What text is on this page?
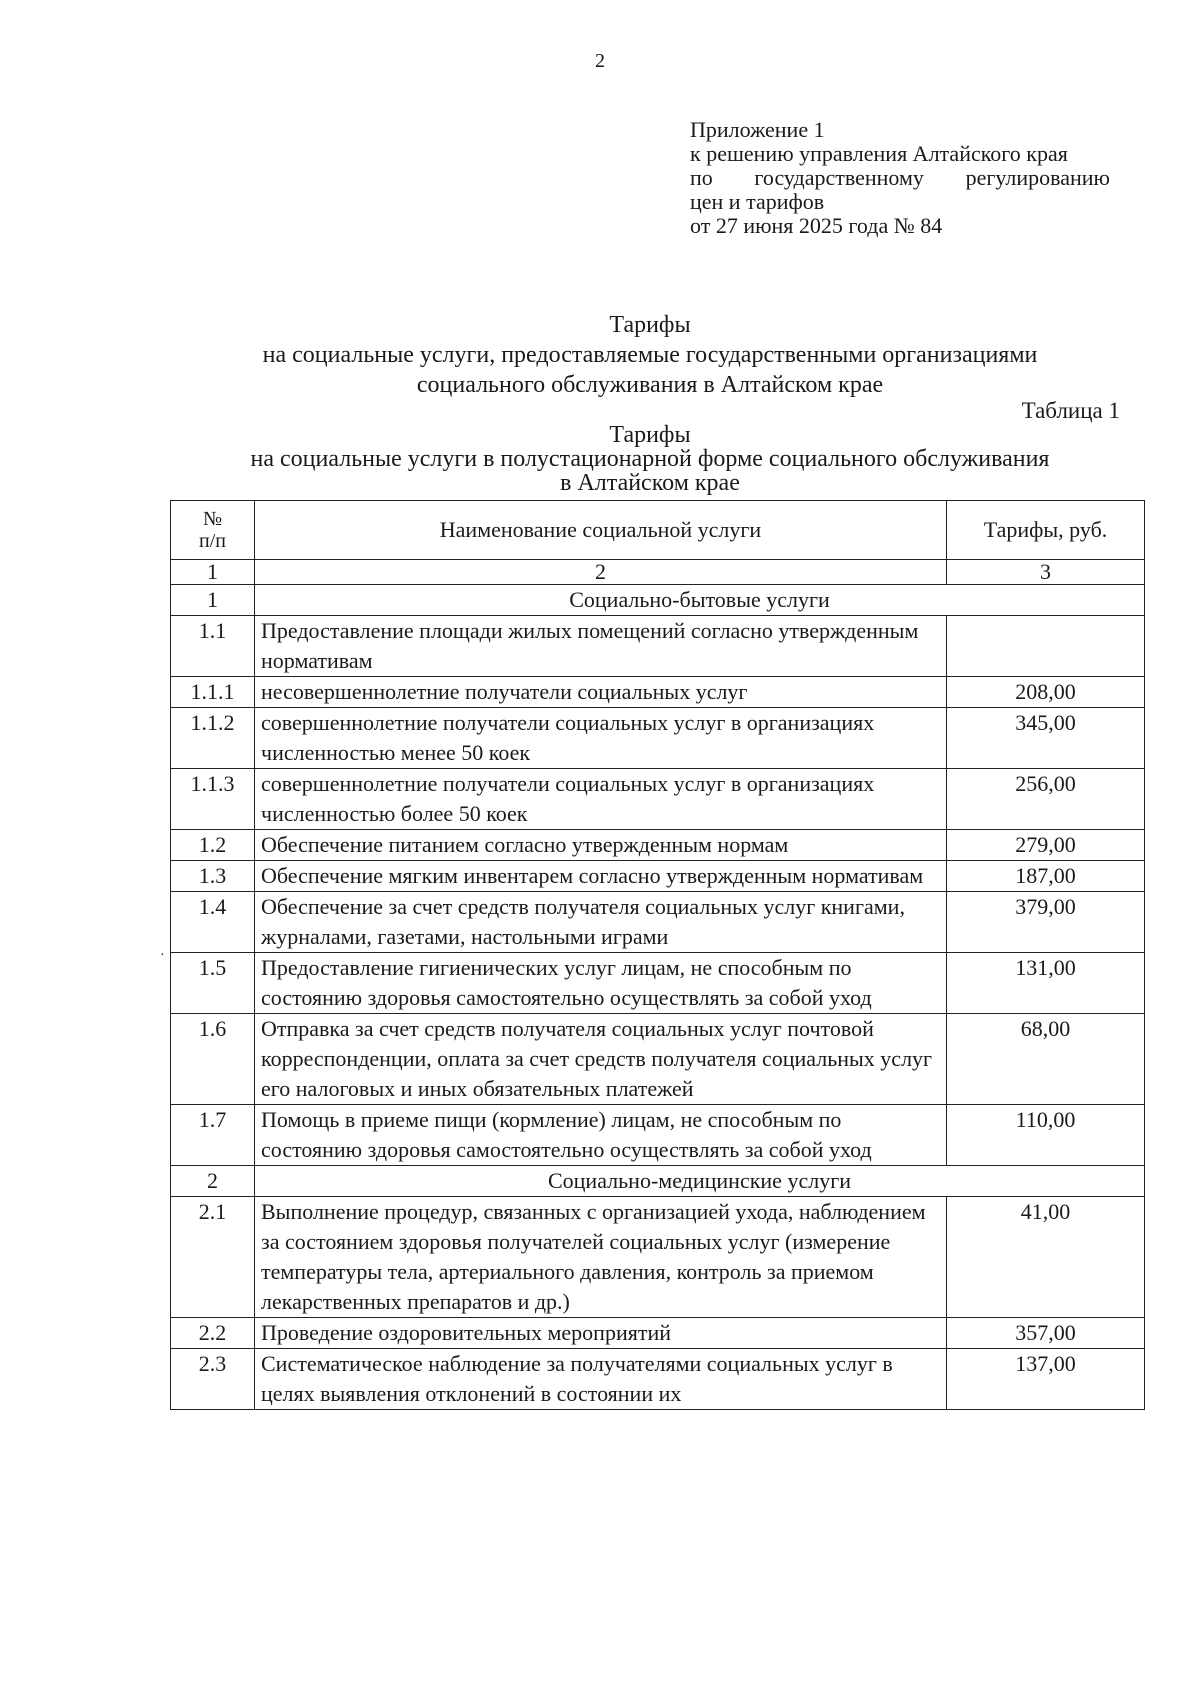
2
Приложение 1
к решению управления Алтайского края
по государственному регулированию
цен и тарифов
от 27 июня 2025 года № 84
Тарифы
на социальные услуги, предоставляемые государственными организациями
социального обслуживания в Алтайском крае
Таблица 1
Тарифы
на социальные услуги в полустационарной форме социального обслуживания
в Алтайском крае
·
№
п/п	Наименование социальной услуги	Тарифы, руб.
1	2	3
1	Социально-бытовые услуги	
1.1	Предоставление площади жилых помещений согласно утвержденным нормативам	
1.1.1	несовершеннолетние получатели социальных услуг	208,00
1.1.2	совершеннолетние получатели социальных услуг в организациях численностью менее 50 коек	345,00
1.1.3	совершеннолетние получатели социальных услуг в организациях численностью более 50 коек	256,00
1.2	Обеспечение питанием согласно утвержденным нормам	279,00
1.3	Обеспечение мягким инвентарем согласно утвержденным нормативам	187,00
1.4	Обеспечение за счет средств получателя социальных услуг книгами, журналами, газетами, настольными играми	379,00
1.5	Предоставление гигиенических услуг лицам, не способным по состоянию здоровья самостоятельно осуществлять за собой уход	131,00
1.6	Отправка за счет средств получателя социальных услуг почтовой корреспонденции, оплата за счет средств получателя социальных услуг его налоговых и иных обязательных платежей	68,00
1.7	Помощь в приеме пищи (кормление) лицам, не способным по состоянию здоровья самостоятельно осуществлять за собой уход	110,00
2	Социально-медицинские услуги	
2.1	Выполнение процедур, связанных с организацией ухода, наблюдением за состоянием здоровья получателей социальных услуг (измерение температуры тела, артериального давления, контроль за приемом лекарственных препаратов и др.)	41,00
2.2	Проведение оздоровительных мероприятий	357,00
2.3	Систематическое наблюдение за получателями социальных услуг в целях выявления отклонений в состоянии их	137,00
